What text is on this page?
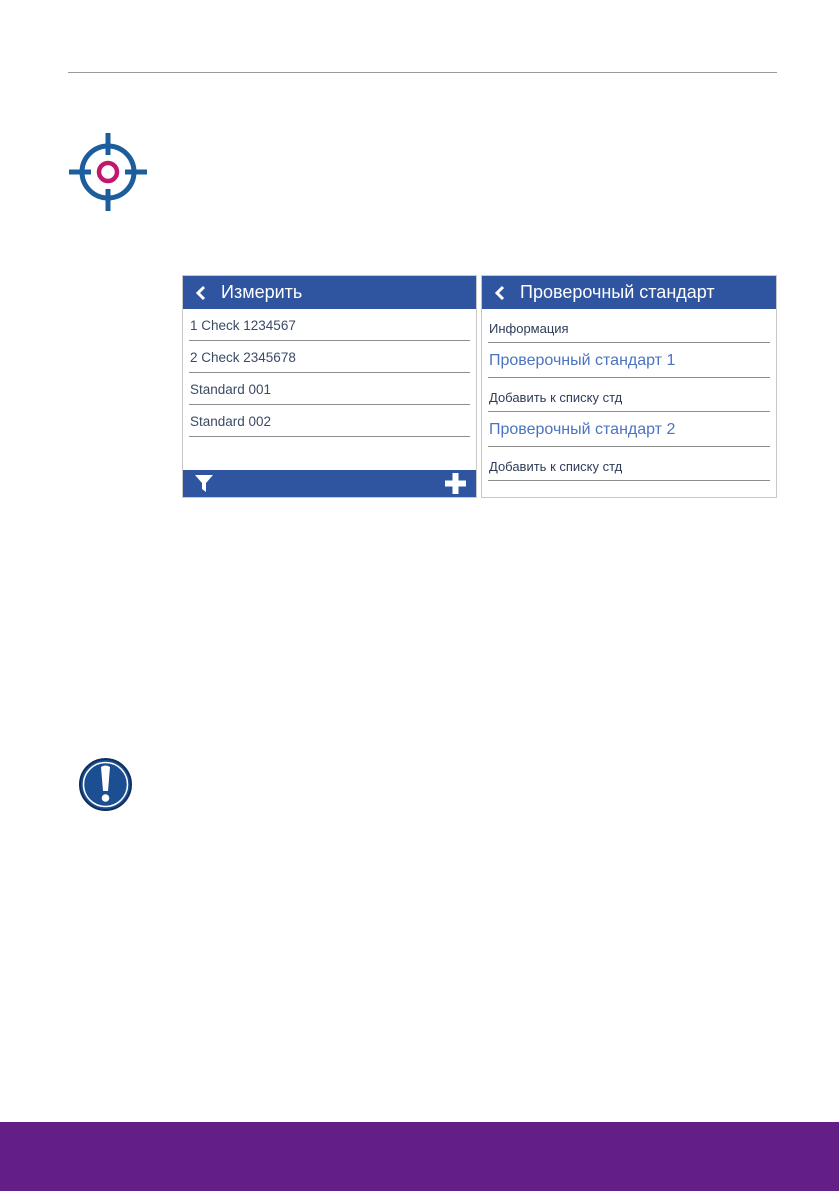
Измерить
1 Check 1234567
2 Check 2345678
Standard 001
Standard 002
Проверочный стандарт
Информация
Проверочный стандарт 1
Добавить к списку стд
Проверочный стандарт 2
Добавить к списку стд
